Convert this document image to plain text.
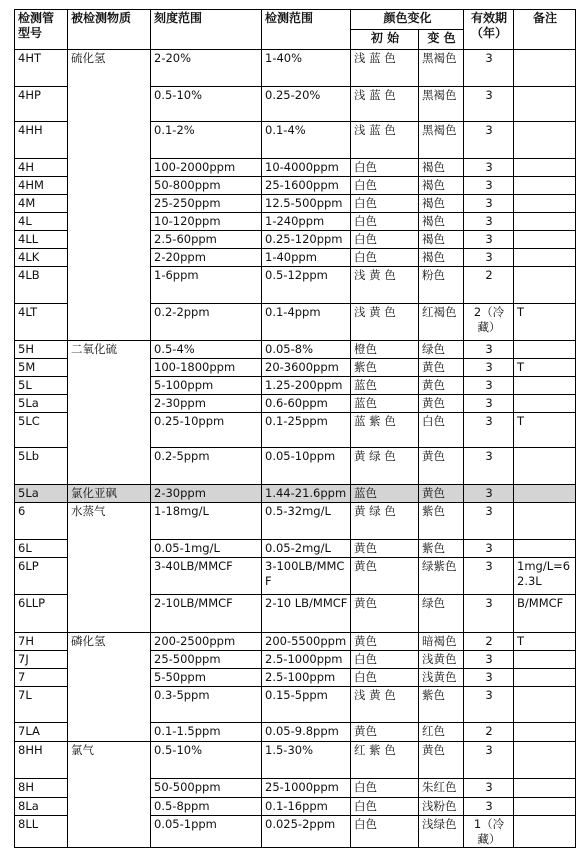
检测管型号	被检测物质	刻度范围	检测范围	颜色变化		有效期（年）	备注
				初 始	变 色		
4HT	硫化氢	2-20%	1-40%	浅 蓝 色	黑褐色	3	
4HP		0.5-10%	0.25-20%	浅 蓝 色	黑褐色	3	
4HH		0.1-2%	0.1-4%	浅 蓝 色	黑褐色	3	
4H		100-2000ppm	10-4000ppm	白色	褐色	3	
4HM		50-800ppm	25-1600ppm	白色	褐色	3	
4M		25-250ppm	12.5-500ppm	白色	褐色	3	
4L		10-120ppm	1-240ppm	白色	褐色	3	
4LL		2.5-60ppm	0.25-120ppm	白色	褐色	3	
4LK		2-20ppm	1-40ppm	白色	褐色	3	
4LB		1-6ppm	0.5-12ppm	浅 黄 色	粉色	2	
4LT		0.2-2ppm	0.1-4ppm	浅 黄 色	红褐色	2（冷藏）	T
5H	二氧化硫	0.5-4%	0.05-8%	橙色	绿色	3	
5M		100-1800ppm	20-3600ppm	紫色	黄色	3	T
5L		5-100ppm	1.25-200ppm	蓝色	黄色	3	
5La		2-30ppm	0.6-60ppm	蓝色	黄色	3	
5LC		0.25-10ppm	0.1-25ppm	蓝 紫 色	白色	3	T
5Lb		0.2-5ppm	0.05-10ppm	黄 绿 色	黄色	3	
5La	氯化亚砜	2-30ppm	1.44-21.6ppm	蓝色	黄色	3	
6	水蒸气	1-18mg/L	0.5-32mg/L	黄 绿 色	紫色	3	
6L		0.05-1mg/L	0.05-2mg/L	黄色	紫色	3	
6LP		3-40LB/MMCF	3-100LB/MMCF	黄色	绿紫色	3	1mg/L=62.3L
6LLP		2-10LB/MMCF	2-10 LB/MMCF	黄色	绿色	3	B/MMCF
7H	磷化氢	200-2500ppm	200-5500ppm	黄色	暗褐色	2	T
7J		25-500ppm	2.5-1000ppm	白色	浅黄色	3	
7		5-50ppm	2.5-100ppm	白色	浅黄色	3	
7L		0.3-5ppm	0.15-5ppm	浅 黄 色	紫色	3	
7LA		0.1-1.5ppm	0.05-9.8ppm	黄色	红色	2	
8HH	氯气	0.5-10%	1.5-30%	红 紫 色	黄色	3	
8H		50-500ppm	25-1000ppm	白色	朱红色	3	
8La		0.5-8ppm	0.1-16ppm	白色	浅粉色	3	
8LL		0.05-1ppm	0.025-2ppm	白色	浅绿色	1（冷藏）	
